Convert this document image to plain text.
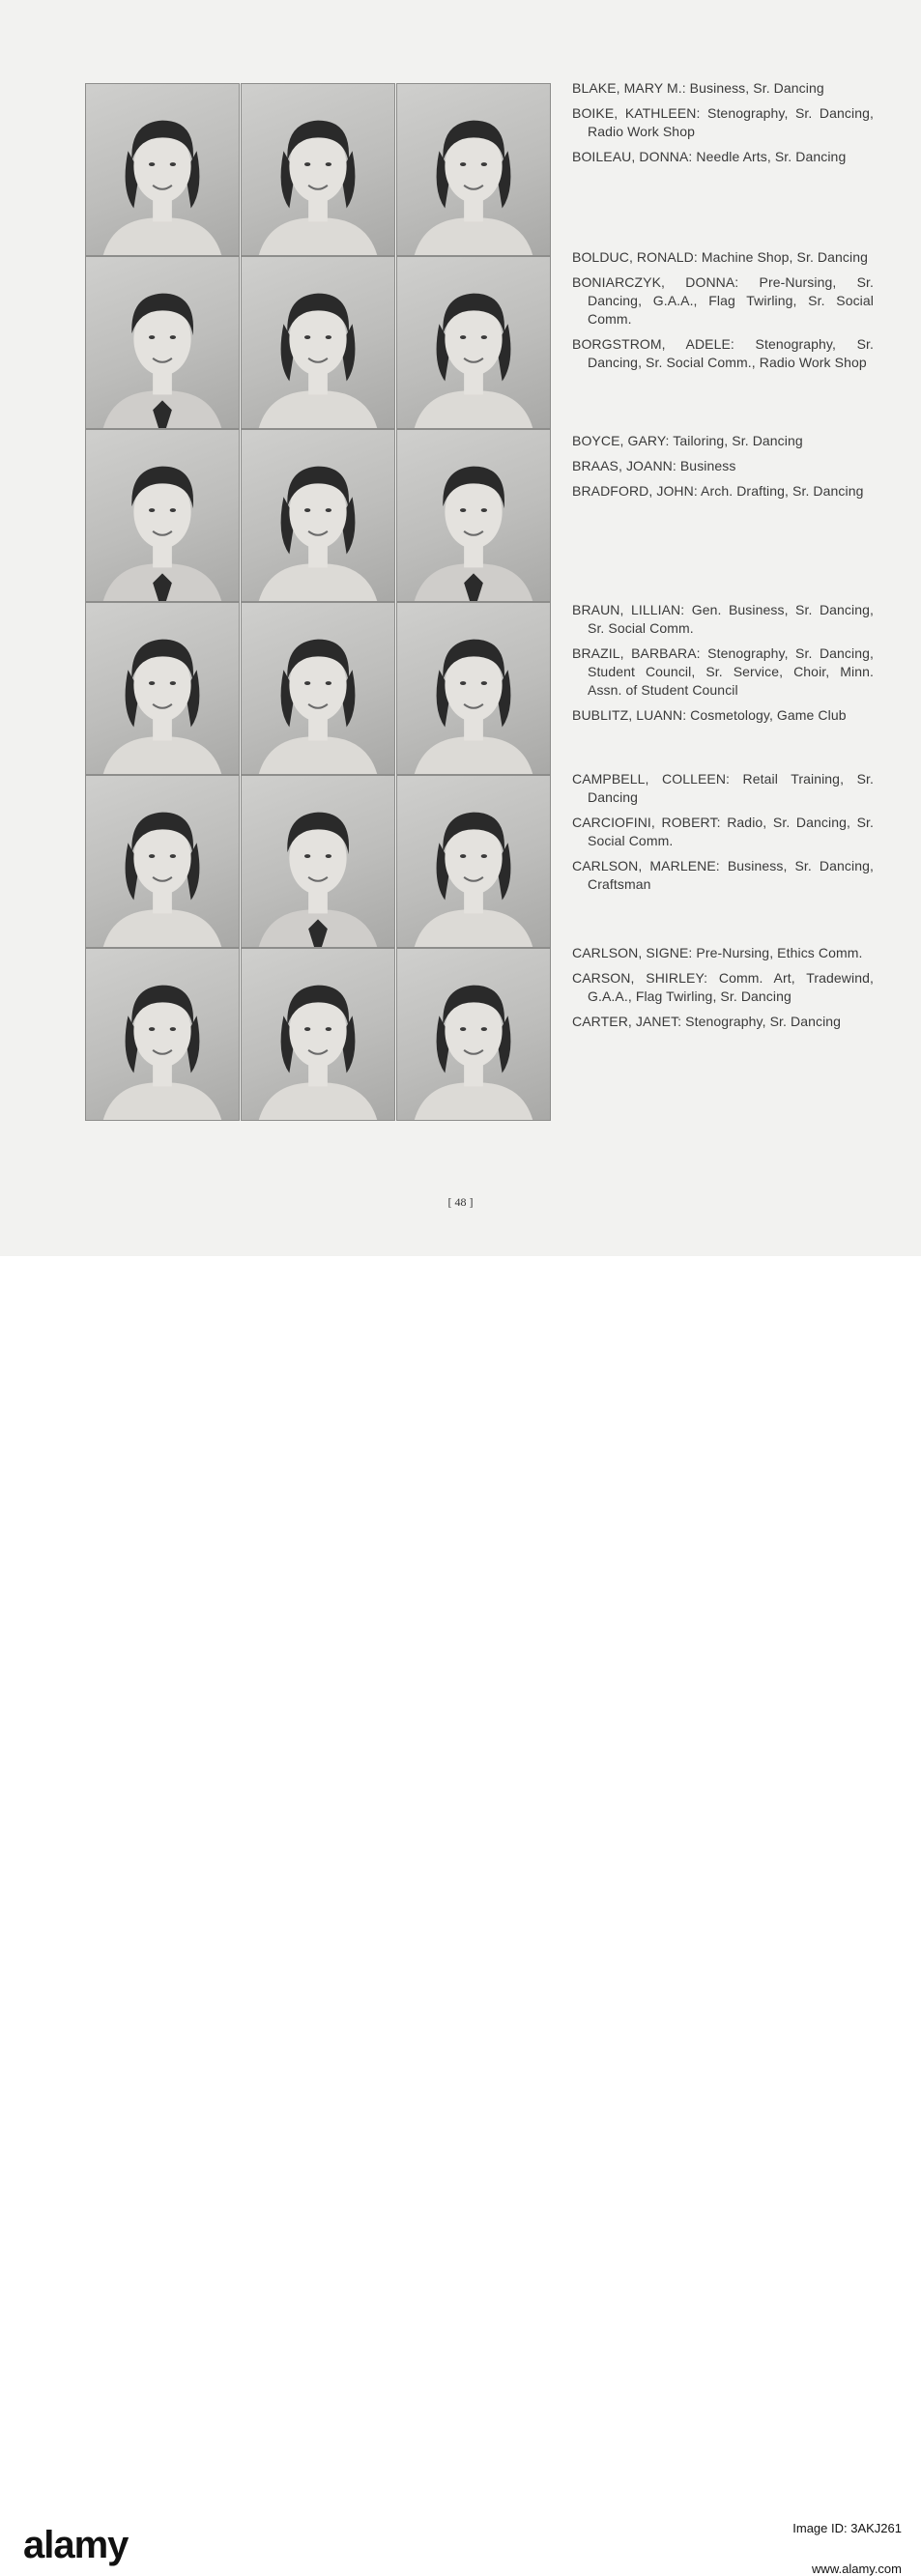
BLAKE, MARY M.: Business, Sr. Dancing

BOIKE, KATHLEEN: Stenography, Sr. Dancing, Radio Work Shop

BOILEAU, DONNA: Needle Arts, Sr. Dancing

BOLDUC, RONALD: Machine Shop, Sr. Dancing

BONIARCZYK, DONNA: Pre-Nursing, Sr. Dancing, G.A.A., Flag Twirling, Sr. Social Comm.

BORGSTROM, ADELE: Stenography, Sr. Dancing, Sr. Social Comm., Radio Work Shop

BOYCE, GARY: Tailoring, Sr. Dancing

BRAAS, JOANN: Business

BRADFORD, JOHN: Arch. Drafting, Sr. Dancing

BRAUN, LILLIAN: Gen. Business, Sr. Dancing, Sr. Social Comm.

BRAZIL, BARBARA: Stenography, Sr. Dancing, Student Council, Sr. Service, Choir, Minn. Assn. of Student Council

BUBLITZ, LUANN: Cosmetology, Game Club

CAMPBELL, COLLEEN: Retail Training, Sr. Dancing

CARCIOFINI, ROBERT: Radio, Sr. Dancing, Sr. Social Comm.

CARLSON, MARLENE: Business, Sr. Dancing, Craftsman

CARLSON, SIGNE: Pre-Nursing, Ethics Comm.

CARSON, SHIRLEY: Comm. Art, Tradewind, G.A.A., Flag Twirling, Sr. Dancing

CARTER, JANET: Stenography, Sr. Dancing

[ 48 ]
alamy	Image ID: 3AKJ261
www.alamy.com
